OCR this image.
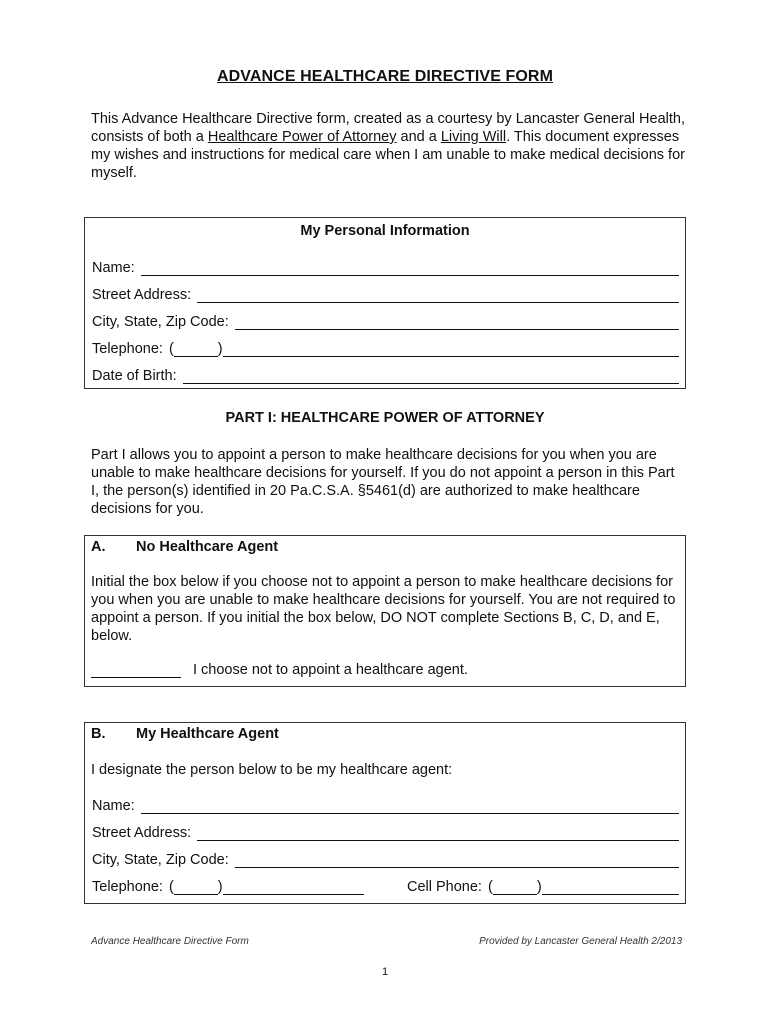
ADVANCE HEALTHCARE DIRECTIVE FORM
This Advance Healthcare Directive form, created as a courtesy by Lancaster General Health, consists of both a Healthcare Power of Attorney and a Living Will. This document expresses my wishes and instructions for medical care when I am unable to make medical decisions for myself.
My Personal Information
Name:
Street Address:
City, State, Zip Code:
Telephone: (	)
Date of Birth:
PART I: HEALTHCARE POWER OF ATTORNEY
Part I allows you to appoint a person to make healthcare decisions for you when you are unable to make healthcare decisions for yourself. If you do not appoint a person in this Part I, the person(s) identified in 20 Pa.C.S.A. §5461(d) are authorized to make healthcare decisions for you.
A. No Healthcare Agent
Initial the box below if you choose not to appoint a person to make healthcare decisions for you when you are unable to make healthcare decisions for yourself. You are not required to appoint a person. If you initial the box below, DO NOT complete Sections B, C, D, and E, below.
I choose not to appoint a healthcare agent.
B. My Healthcare Agent
I designate the person below to be my healthcare agent:
Name:
Street Address:
City, State, Zip Code:
Telephone: (	)	Cell Phone: (	)
Advance Healthcare Directive Form	Provided by Lancaster General Health 2/2013
1
